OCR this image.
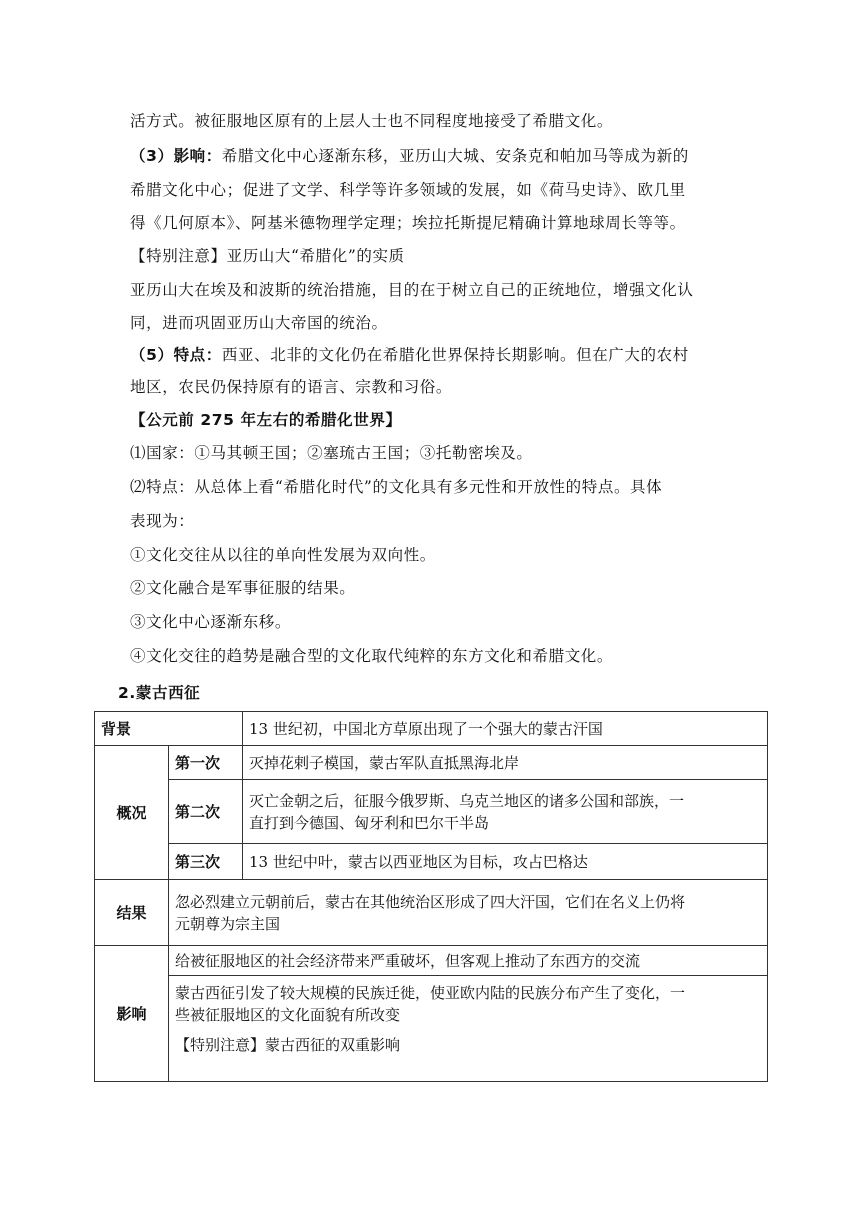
活方式。被征服地区原有的上层人士也不同程度地接受了希腊文化。
（3）影响：希腊文化中心逐渐东移，亚历山大城、安条克和帕加马等成为新的
希腊文化中心；促进了文学、科学等许多领域的发展，如《荷马史诗》、欧几里
得《几何原本》、阿基米德物理学定理；埃拉托斯提尼精确计算地球周长等等。
【特别注意】亚历山大“希腊化”的实质
亚历山大在埃及和波斯的统治措施，目的在于树立自己的正统地位，增强文化认
同，进而巩固亚历山大帝国的统治。
（5）特点：西亚、北非的文化仍在希腊化世界保持长期影响。但在广大的农村
地区，农民仍保持原有的语言、宗教和习俗。
【公元前 275 年左右的希腊化世界】
⑴国家：①马其顿王国；②塞琉古王国；③托勒密埃及。
⑵特点：从总体上看“希腊化时代”的文化具有多元性和开放性的特点。具体
表现为：
①文化交往从以往的单向性发展为双向性。
②文化融合是军事征服的结果。
③文化中心逐渐东移。
④文化交往的趋势是融合型的文化取代纯粹的东方文化和希腊文化。
2.蒙古西征
背景		13 世纪初，中国北方草原出现了一个强大的蒙古汗国
概况	第一次	灭掉花剌子模国，蒙古军队直抵黑海北岸
	第二次	灭亡金朝之后，征服今俄罗斯、乌克兰地区的诸多公国和部族，一
直打到今德国、匈牙利和巴尔干半岛

	第三次	13 世纪中叶，蒙古以西亚地区为目标，攻占巴格达
结果	忽必烈建立元朝前后，蒙古在其他统治区形成了四大汗国，它们在名义上仍将
元朝尊为宗主国	

影响	给被征服地区的社会经济带来严重破坏，但客观上推动了东西方的交流	

	蒙古西征引发了较大规模的民族迁徙，使亚欧内陆的民族分布产生了变化，一
些被征服地区的文化面貌有所改变
【特别注意】蒙古西征的双重影响	
